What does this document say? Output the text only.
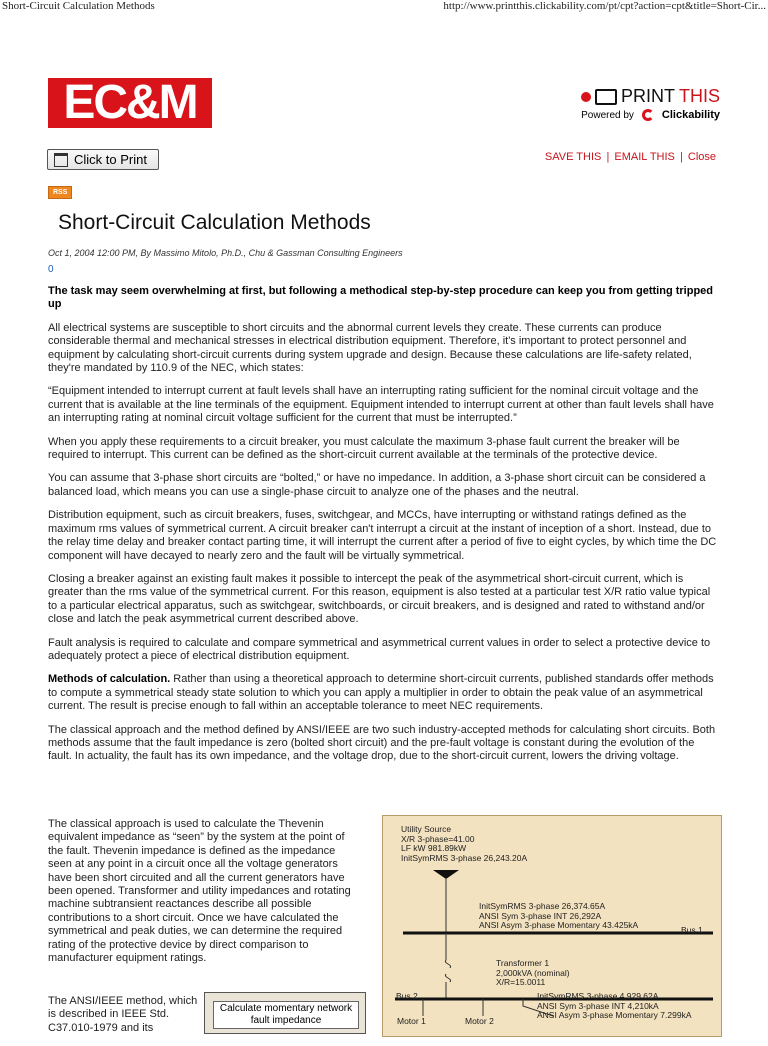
Short-Circuit Calculation Methods	http://www.printthis.clickability.com/pt/cpt?action=cpt&title=Short-Cir...
EC&M	PRINT THIS
Powered by	Clickability
Click to Print	SAVE THIS | EMAIL THIS | Close
RSS
Short-Circuit Calculation Methods
Oct 1, 2004 12:00 PM, By Massimo Mitolo, Ph.D., Chu & Gassman Consulting Engineers
0

The task may seem overwhelming at first, but following a methodical step-by-step procedure can keep you from getting tripped up

All electrical systems are susceptible to short circuits and the abnormal current levels they create. These currents can produce considerable thermal and mechanical stresses in electrical distribution equipment. Therefore, it's important to protect personnel and equipment by calculating short-circuit currents during system upgrade and design. Because these calculations are life-safety related, they're mandated by 110.9 of the NEC, which states:

“Equipment intended to interrupt current at fault levels shall have an interrupting rating sufficient for the nominal circuit voltage and the current that is available at the line terminals of the equipment. Equipment intended to interrupt current at other than fault levels shall have an interrupting rating at nominal circuit voltage sufficient for the current that must be interrupted.”

When you apply these requirements to a circuit breaker, you must calculate the maximum 3-phase fault current the breaker will be required to interrupt. This current can be defined as the short-circuit current available at the terminals of the protective device.

You can assume that 3-phase short circuits are “bolted,” or have no impedance. In addition, a 3-phase short circuit can be considered a balanced load, which means you can use a single-phase circuit to analyze one of the phases and the neutral.

Distribution equipment, such as circuit breakers, fuses, switchgear, and MCCs, have interrupting or withstand ratings defined as the maximum rms values of symmetrical current. A circuit breaker can't interrupt a circuit at the instant of inception of a short. Instead, due to the relay time delay and breaker contact parting time, it will interrupt the current after a period of five to eight cycles, by which time the DC component will have decayed to nearly zero and the fault will be virtually symmetrical.

Closing a breaker against an existing fault makes it possible to intercept the peak of the asymmetrical short-circuit current, which is greater than the rms value of the symmetrical current. For this reason, equipment is also tested at a particular test X/R ratio value typical to a particular electrical apparatus, such as switchgear, switchboards, or circuit breakers, and is designed and rated to withstand and/or close and latch the peak asymmetrical current described above.

Fault analysis is required to calculate and compare symmetrical and asymmetrical current values in order to select a protective device to adequately protect a piece of electrical distribution equipment.

Methods of calculation. Rather than using a theoretical approach to determine short-circuit currents, published standards offer methods to compute a symmetrical steady state solution to which you can apply a multiplier in order to obtain the peak value of an asymmetrical current. The result is precise enough to fall within an acceptable tolerance to meet NEC requirements.

The classical approach and the method defined by ANSI/IEEE are two such industry-accepted methods for calculating short circuits. Both methods assume that the fault impedance is zero (bolted short circuit) and the pre-fault voltage is constant during the evolution of the fault. In actuality, the fault has its own impedance, and the voltage drop, due to the short-circuit current, lowers the driving voltage.

The classical approach is used to calculate the Thevenin equivalent impedance as “seen” by the system at the point of the fault. Thevenin impedance is defined as the impedance seen at any point in a circuit once all the voltage generators have been short circuited and all the current generators have been opened. Transformer and utility impedances and rotating machine subtransient reactances describe all possible contributions to a short circuit. Once we have calculated the symmetrical and peak duties, we can determine the required rating of the protective device by direct comparison to manufacturer equipment ratings.

The ANSI/IEEE method, which is described in IEEE Std. C37.010-1979 and its

Calculate momentary network fault impedance
Utility Source
X/R 3-phase=41.00
LF kW 981.89kW
InitSymRMS 3-phase 26,243.20A
InitSymRMS 3-phase 26,374.65A
ANSI Sym 3-phase INT 26,292A
ANSI Asym 3-phase Momentary 43.425kA	Bus 1
Transformer 1
2,000kVA (nominal)
X/R=15.0011
Bus 2	InitSymRMS 3-phase 4,929.62A
ANSI Sym 3-phase INT 4,210kA
ANSI Asym 3-phase Momentary 7.299kA
Motor 1	Motor 2
